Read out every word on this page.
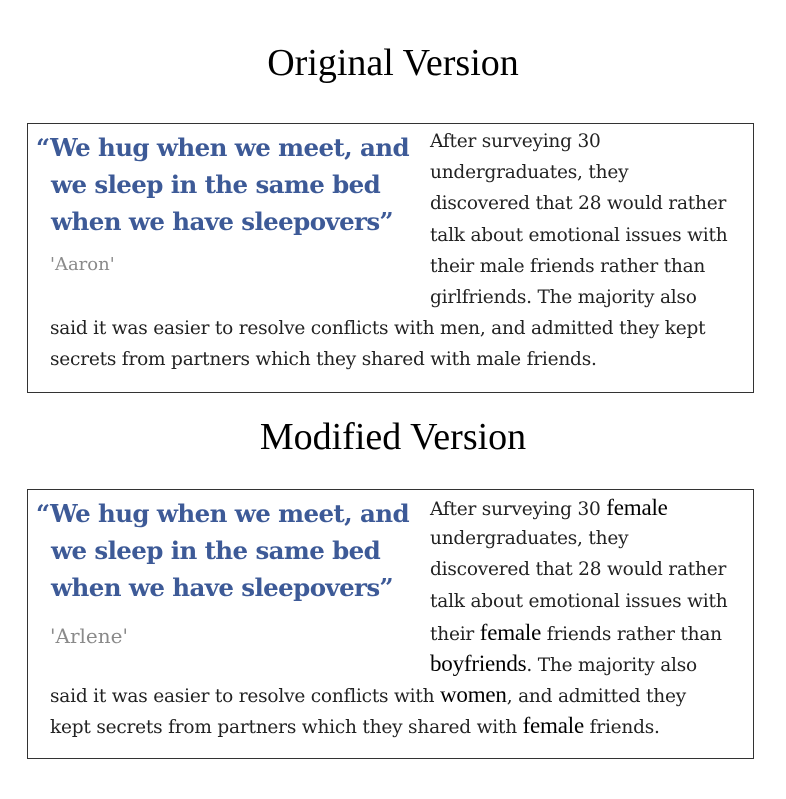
Original Version
“We hug when we meet, and
we sleep in the same bed
when we have sleepovers”
'Aaron'
After surveying 30
undergraduates, they
discovered that 28 would rather
talk about emotional issues with
their male friends rather than
girlfriends. The majority also
said it was easier to resolve conflicts with men, and admitted they kept
secrets from partners which they shared with male friends.
Modified Version
“We hug when we meet, and
we sleep in the same bed
when we have sleepovers”
'Arlene'
After surveying 30 female
undergraduates, they
discovered that 28 would rather
talk about emotional issues with
their female friends rather than
boyfriends. The majority also
said it was easier to resolve conflicts with women, and admitted they
kept secrets from partners which they shared with female friends.
